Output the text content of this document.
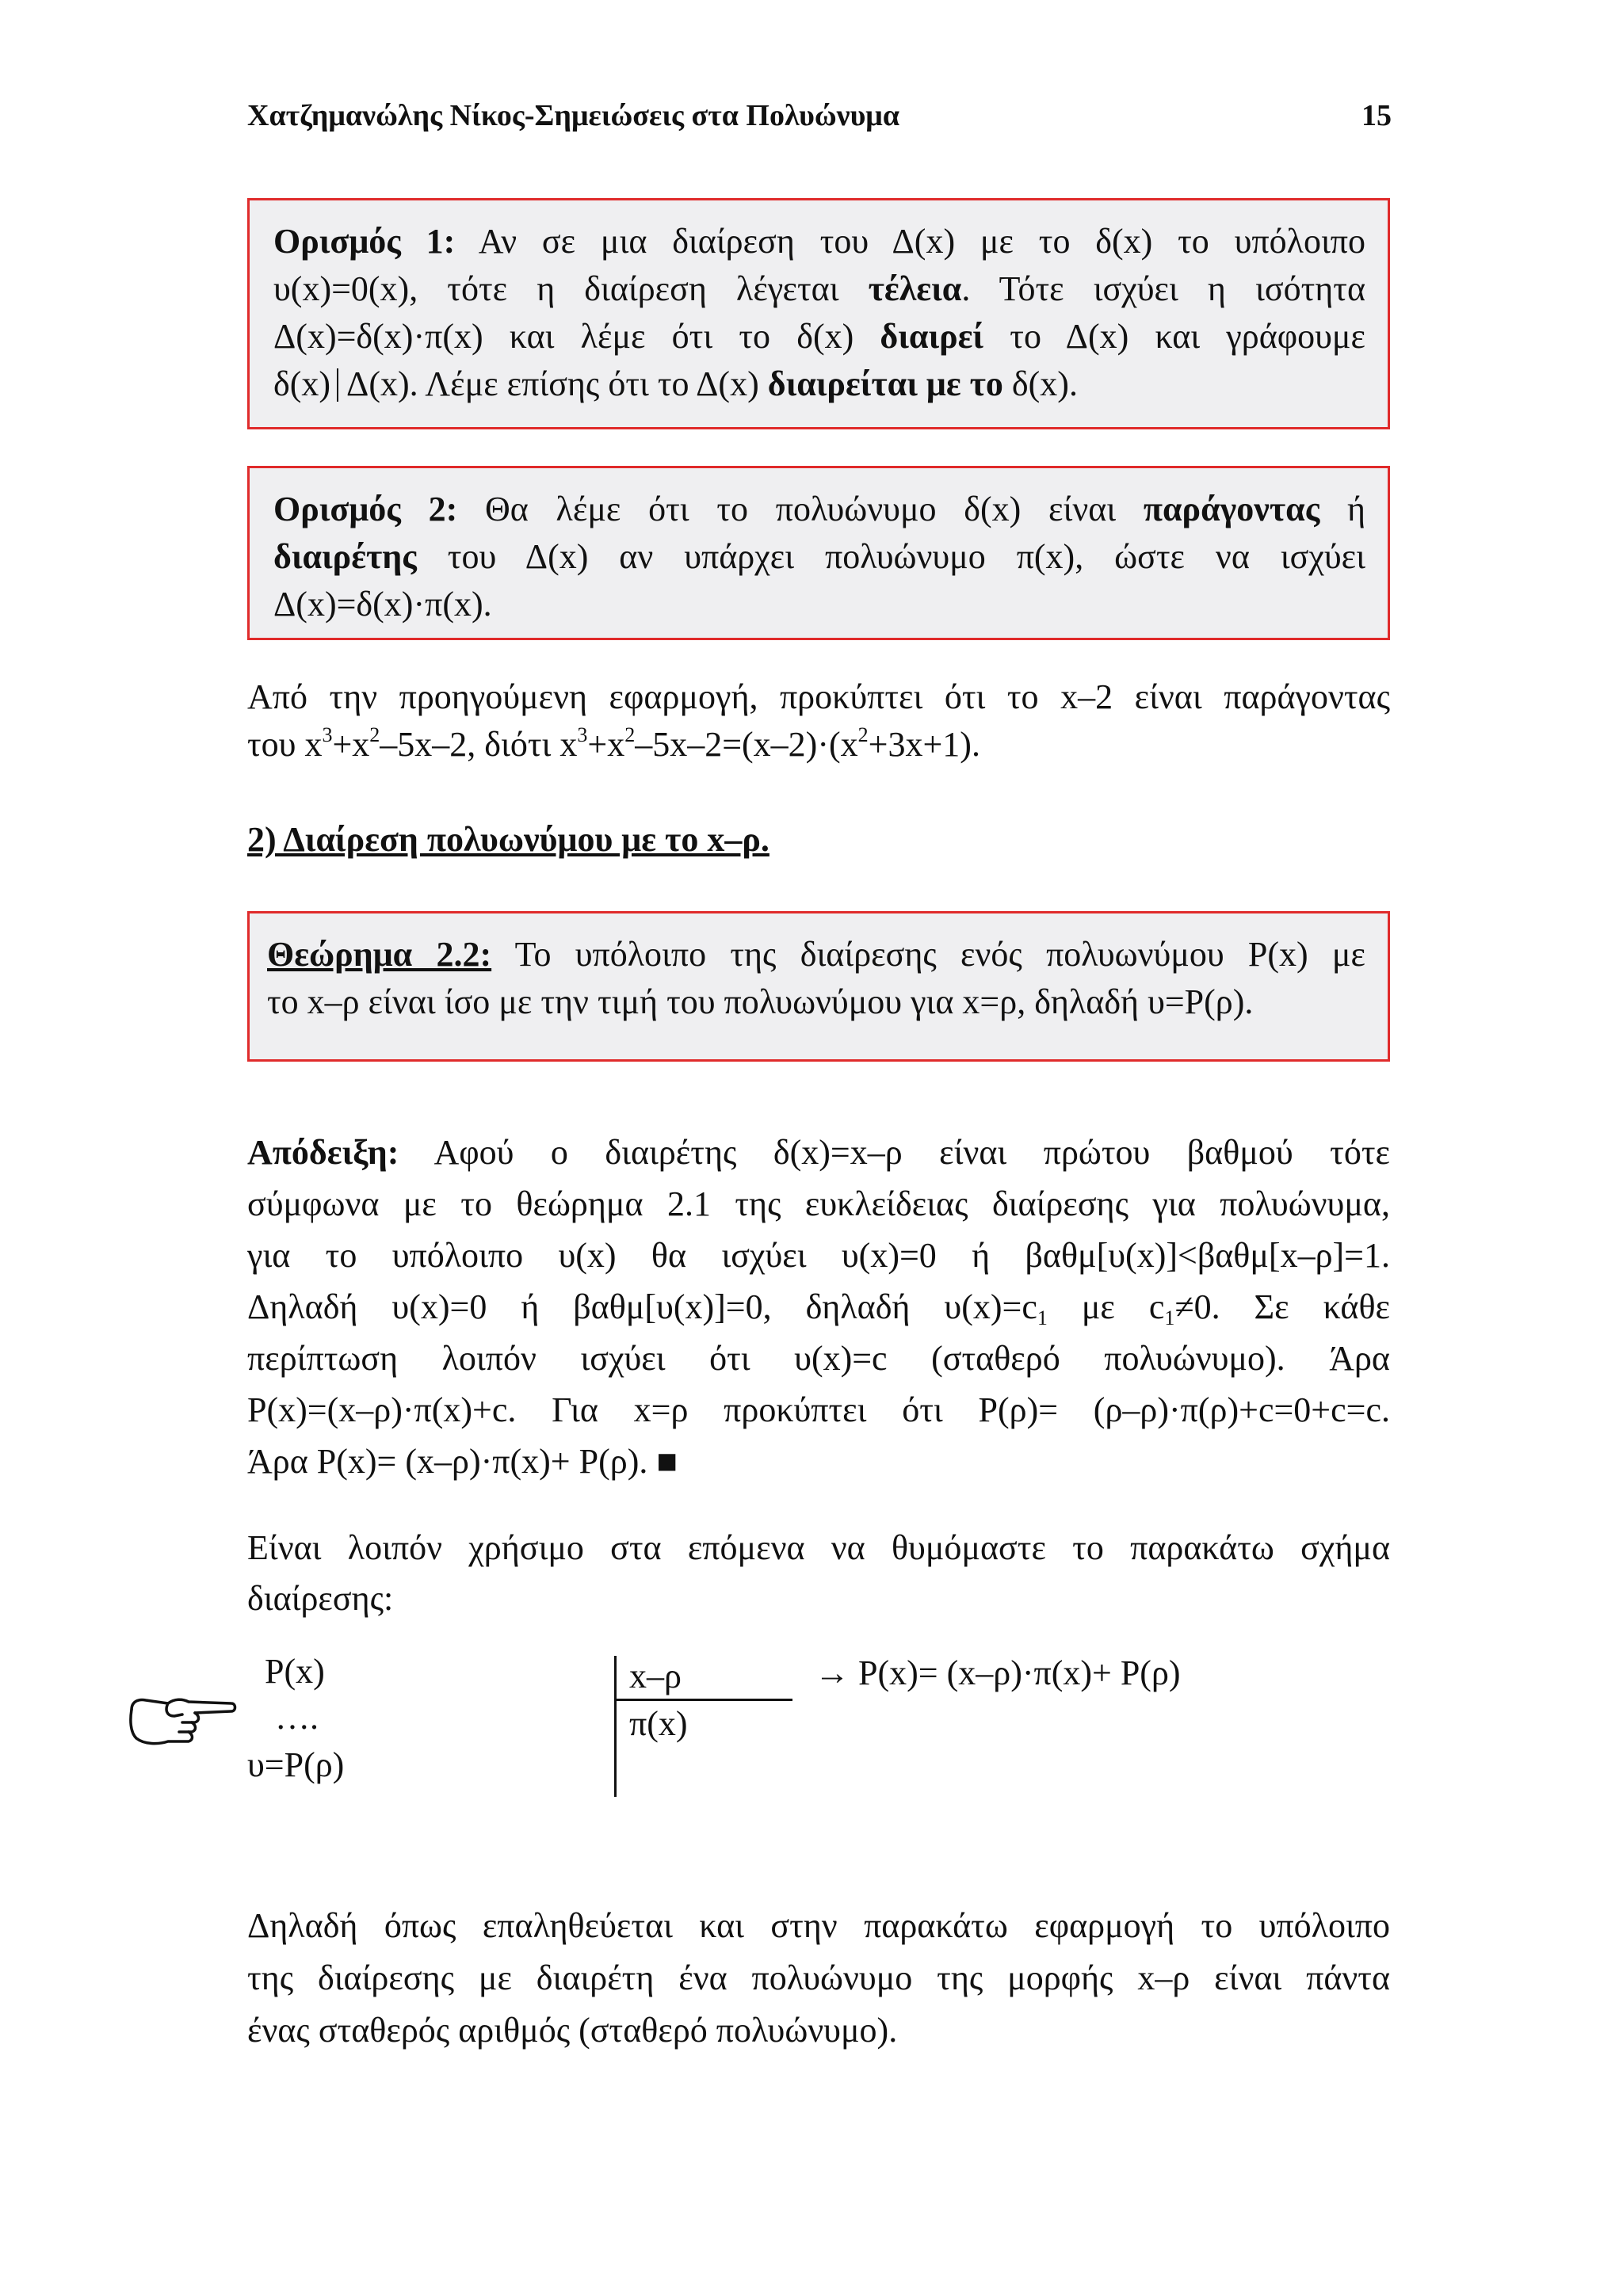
Χατζημανώλης Νίκος-Σημειώσεις στα Πολυώνυμα	15

Ορισμός 1: Αν σε μια διαίρεση του Δ(x) με το δ(x) το υπόλοιπο
υ(x)=0(x), τότε η διαίρεση λέγεται τέλεια. Τότε ισχύει η ισότητα
Δ(x)=δ(x)·π(x) και λέμε ότι το δ(x) διαιρεί το Δ(x) και γράφουμε
δ(x) Δ(x). Λέμε επίσης ότι το Δ(x) διαιρείται με το δ(x).

Ορισμός 2: Θα λέμε ότι το πολυώνυμο δ(x) είναι παράγοντας ή
διαιρέτης του Δ(x) αν υπάρχει πολυώνυμο π(x), ώστε να ισχύει
Δ(x)=δ(x)·π(x).

Από την προηγούμενη εφαρμογή, προκύπτει ότι το x–2 είναι παράγοντας
του $x^3+x^2-5x-2$, διότι $x^3+x^2-5x-2=(x-2)\cdot(x^2+3x+1)$.

2) Διαίρεση πολυωνύμου με το x–ρ.

Θεώρημα 2.2: Το υπόλοιπο της διαίρεσης ενός πολυωνύμου P(x) με
το x–ρ είναι ίσο με την τιμή του πολυωνύμου για x=ρ, δηλαδή υ=P(ρ).

Απόδειξη: Αφού ο διαιρέτης δ(x)=x–ρ είναι πρώτου βαθμού τότε
σύμφωνα με το θεώρημα 2.1 της ευκλείδειας διαίρεσης για πολυώνυμα,
για το υπόλοιπο υ(x) θα ισχύει υ(x)=0 ή βαθμ[υ(x)]<βαθμ[x–ρ]=1.
Δηλαδή υ(x)=0 ή βαθμ[υ(x)]=0, δηλαδή $\upsilon(x)=c_1$ με $c_1\ne 0$. Σε κάθε
περίπτωση λοιπόν ισχύει ότι υ(x)=c (σταθερό πολυώνυμο). Άρα
P(x)=(x–ρ)·π(x)+c. Για x=ρ προκύπτει ότι P(ρ)= (ρ–ρ)·π(ρ)+c=0+c=c.
Άρα P(x)= (x–ρ)·π(x)+ P(ρ). ■

Είναι λοιπόν χρήσιμο στα επόμενα να θυμόμαστε το παρακάτω σχήμα
διαίρεσης:

P(x)
….
υ=P(ρ)
x–ρ
π(x)
→ P(x)= (x–ρ)·π(x)+ P(ρ)

Δηλαδή όπως επαληθεύεται και στην παρακάτω εφαρμογή το υπόλοιπο
της διαίρεσης με διαιρέτη ένα πολυώνυμο της μορφής x–ρ είναι πάντα
ένας σταθερός αριθμός (σταθερό πολυώνυμο).
